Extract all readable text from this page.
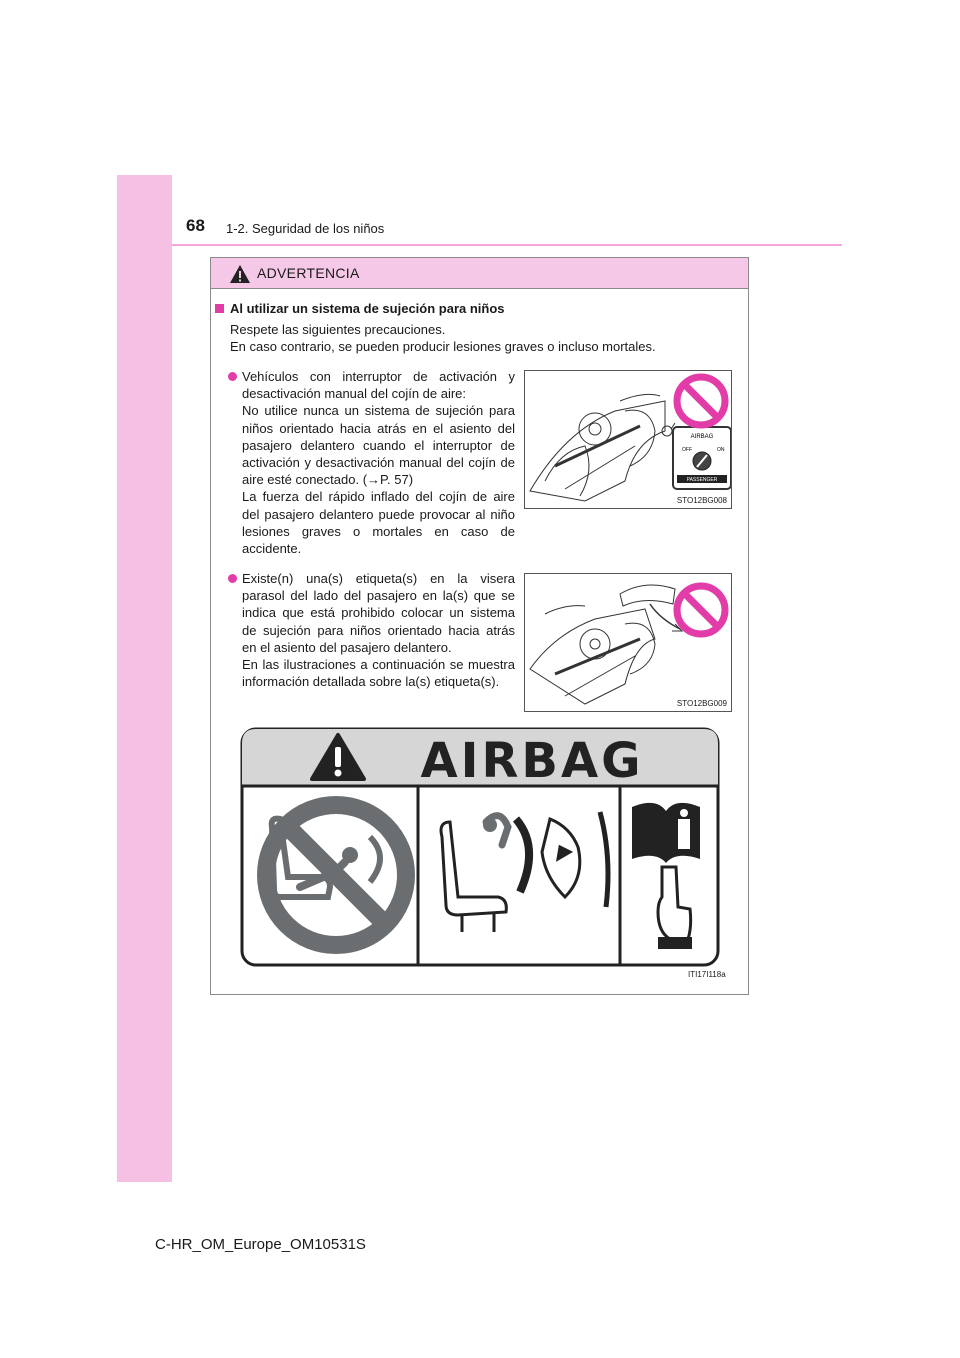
68 1-2. Seguridad de los niños
ADVERTENCIA
Al utilizar un sistema de sujeción para niños
Respete las siguientes precauciones.
En caso contrario, se pueden producir lesiones graves o incluso mortales.

Vehículos con interruptor de activación y desactivación manual del cojín de aire:

No utilice nunca un sistema de sujeción para niños orientado hacia atrás en el asiento del pasajero delantero cuando el interruptor de activación y desactivación manual del cojín de aire esté conectado. (→P. 57)

La fuerza del rápido inflado del cojín de aire del pasajero delantero puede provocar al niño lesiones graves o mortales en caso de accidente.

AIRBAG
OFF	ON
PASSENGER
STO12BG008

Existe(n) una(s) etiqueta(s) en la visera parasol del lado del pasajero en la(s) que se indica que está prohibido colocar un sistema de sujeción para niños orientado hacia atrás en el asiento del pasajero delantero.

En las ilustraciones a continuación se muestra información detallada sobre la(s) etiqueta(s).

STO12BG009
AIRBAG
ITI17I118a
C-HR_OM_Europe_OM10531S
